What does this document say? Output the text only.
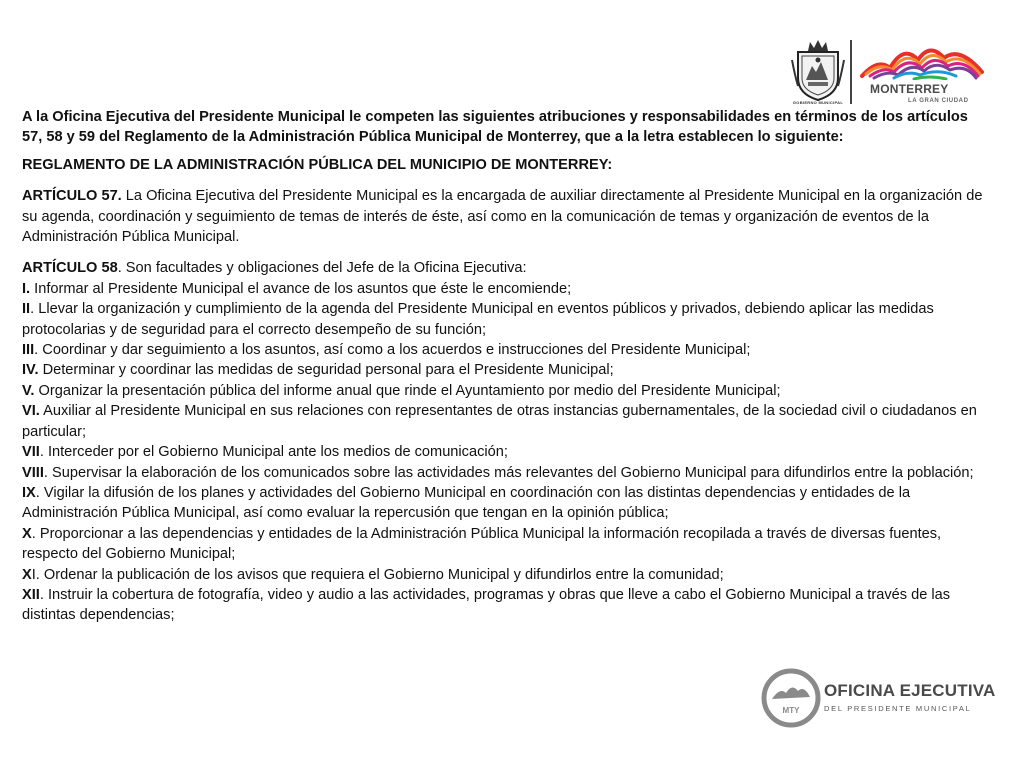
GOBIERNO MUNICIPAL
MONTERREY
LA GRAN CIUDAD

A la Oficina Ejecutiva del Presidente Municipal le competen las siguientes atribuciones y responsabilidades en términos de los artículos 57, 58 y 59 del Reglamento de la Administración Pública Municipal de Monterrey, que a la letra establecen lo siguiente:

REGLAMENTO DE LA ADMINISTRACIÓN PÚBLICA DEL MUNICIPIO DE MONTERREY:

ARTÍCULO 57. La Oficina Ejecutiva del Presidente Municipal es la encargada de auxiliar directamente al Presidente Municipal en la organización de su agenda, coordinación y seguimiento de temas de interés de éste, así como en la comunicación de temas y organización de eventos de la Administración Pública Municipal.

ARTÍCULO 58. Son facultades y obligaciones del Jefe de la Oficina Ejecutiva:

I. Informar al Presidente Municipal el avance de los asuntos que éste le encomiende;

II. Llevar la organización y cumplimiento de la agenda del Presidente Municipal en eventos públicos y privados, debiendo aplicar las medidas protocolarias y de seguridad para el correcto desempeño de su función;

III. Coordinar y dar seguimiento a los asuntos, así como a los acuerdos e instrucciones del Presidente Municipal;

IV. Determinar y coordinar las medidas de seguridad personal para el Presidente Municipal;

V. Organizar la presentación pública del informe anual que rinde el Ayuntamiento por medio del Presidente Municipal;

VI. Auxiliar al Presidente Municipal en sus relaciones con representantes de otras instancias gubernamentales, de la sociedad civil o ciudadanos en particular;

VII. Interceder por el Gobierno Municipal ante los medios de comunicación;

VIII. Supervisar la elaboración de los comunicados sobre las actividades más relevantes del Gobierno Municipal para difundirlos entre la población;

IX. Vigilar la difusión de los planes y actividades del Gobierno Municipal en coordinación con las distintas dependencias y entidades de la Administración Pública Municipal, así como evaluar la repercusión que tengan en la opinión pública;

X. Proporcionar a las dependencias y entidades de la Administración Pública Municipal la información recopilada a través de diversas fuentes, respecto del Gobierno Municipal;

XI. Ordenar la publicación de los avisos que requiera el Gobierno Municipal y difundirlos entre la comunidad;

XII. Instruir la cobertura de fotografía, video y audio a las actividades, programas y obras que lleve a cabo el Gobierno Municipal a través de las distintas dependencias;

MTY
OFICINA EJECUTIVA
DEL PRESIDENTE MUNICIPAL
